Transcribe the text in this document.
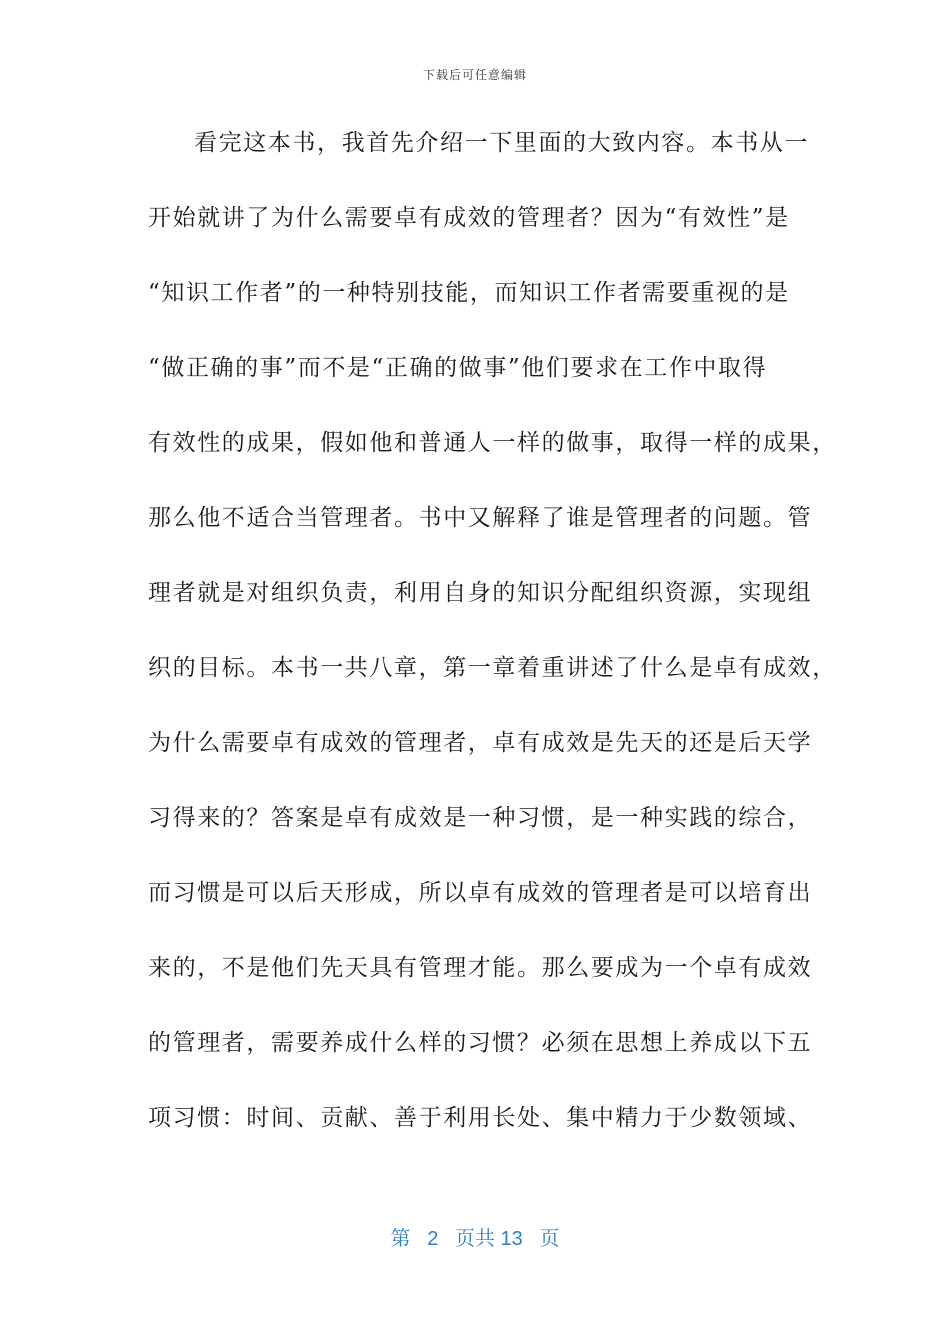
下载后可任意编辑
看完这本书，我首先介绍一下里面的大致内容。本书从一
开始就讲了为什么需要卓有成效的管理者？因为“有效性”是
“知识工作者”的一种特别技能，而知识工作者需要重视的是
“做正确的事”而不是“正确的做事”他们要求在工作中取得
有效性的成果，假如他和普通人一样的做事，取得一样的成果，
那么他不适合当管理者。书中又解释了谁是管理者的问题。管
理者就是对组织负责，利用自身的知识分配组织资源，实现组
织的目标。本书一共八章，第一章着重讲述了什么是卓有成效，
为什么需要卓有成效的管理者，卓有成效是先天的还是后天学
习得来的？答案是卓有成效是一种习惯，是一种实践的综合，
而习惯是可以后天形成，所以卓有成效的管理者是可以培育出
来的，不是他们先天具有管理才能。那么要成为一个卓有成效
的管理者，需要养成什么样的习惯？必须在思想上养成以下五
项习惯：时间、贡献、善于利用长处、集中精力于少数领域、
第 2 页共 13 页
